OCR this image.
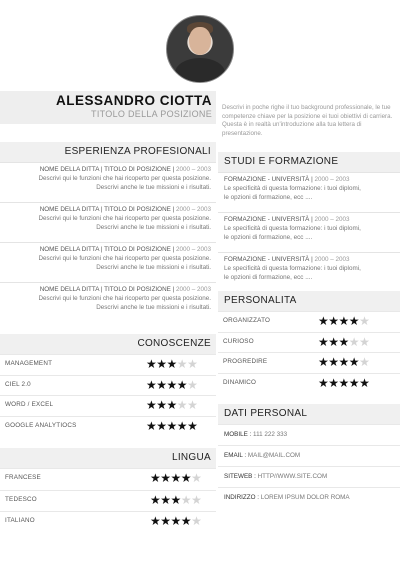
ALESSANDRO CIOTTA
TITOLO DELLA POSIZIONE
Descrivi in poche righe il tuo background professionale, le tue competenze chiave per la posizione ei tuoi obiettivi di carriera. Questa è in realtà un'introduzione alla tua lettera di presentazione.
ESPERIENZA PROFESIONALI
NOME DELLA DITTA | TITOLO DI POSIZIONE | 2000 – 2003
Descrivi qui le funzioni che hai ricoperto per questa posizione.
Descrivi anche le tue missioni e i risultati.
NOME DELLA DITTA | TITOLO DI POSIZIONE | 2000 – 2003
Descrivi qui le funzioni che hai ricoperto per questa posizione.
Descrivi anche le tue missioni e i risultati.
NOME DELLA DITTA | TITOLO DI POSIZIONE | 2000 – 2003
Descrivi qui le funzioni che hai ricoperto per questa posizione.
Descrivi anche le tue missioni e i risultati.
NOME DELLA DITTA | TITOLO DI POSIZIONE | 2000 – 2003
Descrivi qui le funzioni che hai ricoperto per questa posizione.
Descrivi anche le tue missioni e i risultati.
STUDI E FORMAZIONE
FORMAZIONE - UNIVERSITÀ | 2000 – 2003
Le specificità di questa formazione: i tuoi diplomi,
le opzioni di formazione, ecc ....
FORMAZIONE - UNIVERSITÀ | 2000 – 2003
Le specificità di questa formazione: i tuoi diplomi,
le opzioni di formazione, ecc ....
FORMAZIONE - UNIVERSITÀ | 2000 – 2003
Le specificità di questa formazione: i tuoi diplomi,
le opzioni di formazione, ecc ....
CONOSCENZE
MANAGEMENT	★★★★★
CIEL 2.0	★★★★★
WORD / EXCEL	★★★★★
GOOGLE ANALYTIOCS	★★★★★
LINGUA
FRANCESE	★★★★★
TEDESCO	★★★★★
ITALIANO	★★★★★
PERSONALITA
ORGANIZZATO	★★★★★
CURIOSO	★★★★★
PROGREDIRE	★★★★★
DINAMICO	★★★★★
DATI PERSONAL
MOBILE : 111 222 333
EMAIL : MAIL@MAIL.COM
SITEWEB : HTTP//WWW.SITE.COM
INDIRIZZO : LOREM IPSUM DOLOR ROMA
